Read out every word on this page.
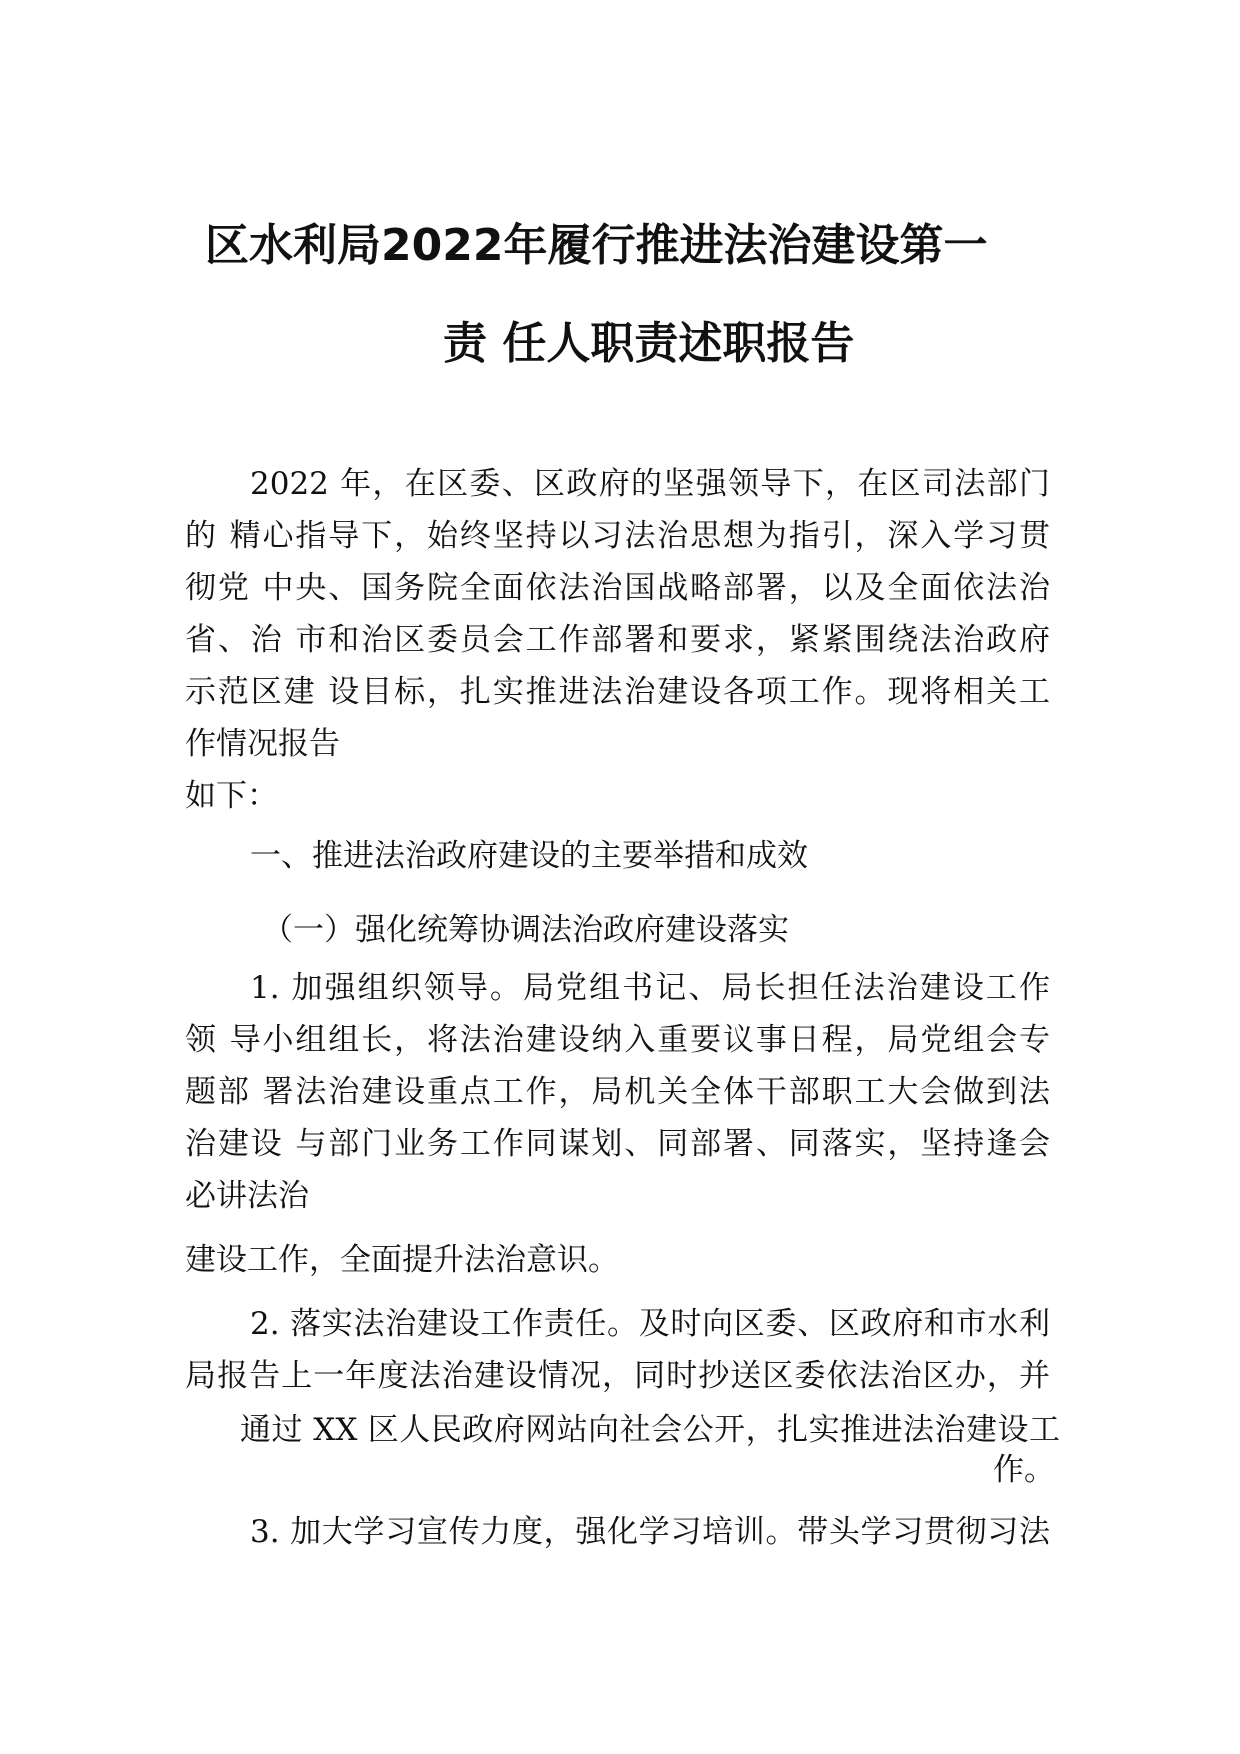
区水利局2022年履行推进法治建设第一
责 任人职责述职报告
2022 年，在区委、区政府的坚强领导下，在区司法部门
的 精心指导下，始终坚持以习法治思想为指引，深入学习贯
彻党 中央、国务院全面依法治国战略部署，以及全面依法治
省、治 市和治区委员会工作部署和要求，紧紧围绕法治政府
示范区建 设目标，扎实推进法治建设各项工作。现将相关工
作情况报告
如下：
一、推进法治政府建设的主要举措和成效
（一）强化统筹协调法治政府建设落实
1. 加强组织领导。局党组书记、局长担任法治建设工作
领 导小组组长，将法治建设纳入重要议事日程，局党组会专
题部 署法治建设重点工作，局机关全体干部职工大会做到法
治建设 与部门业务工作同谋划、同部署、同落实，坚持逢会
必讲法治
建设工作，全面提升法治意识。
2. 落实法治建设工作责任。及时向区委、区政府和市水利
局报告上一年度法治建设情况，同时抄送区委依法治区办，并
通过 XX 区人民政府网站向社会公开，扎实推进法治建设工
作。
3. 加大学习宣传力度，强化学习培训。带头学习贯彻习法
